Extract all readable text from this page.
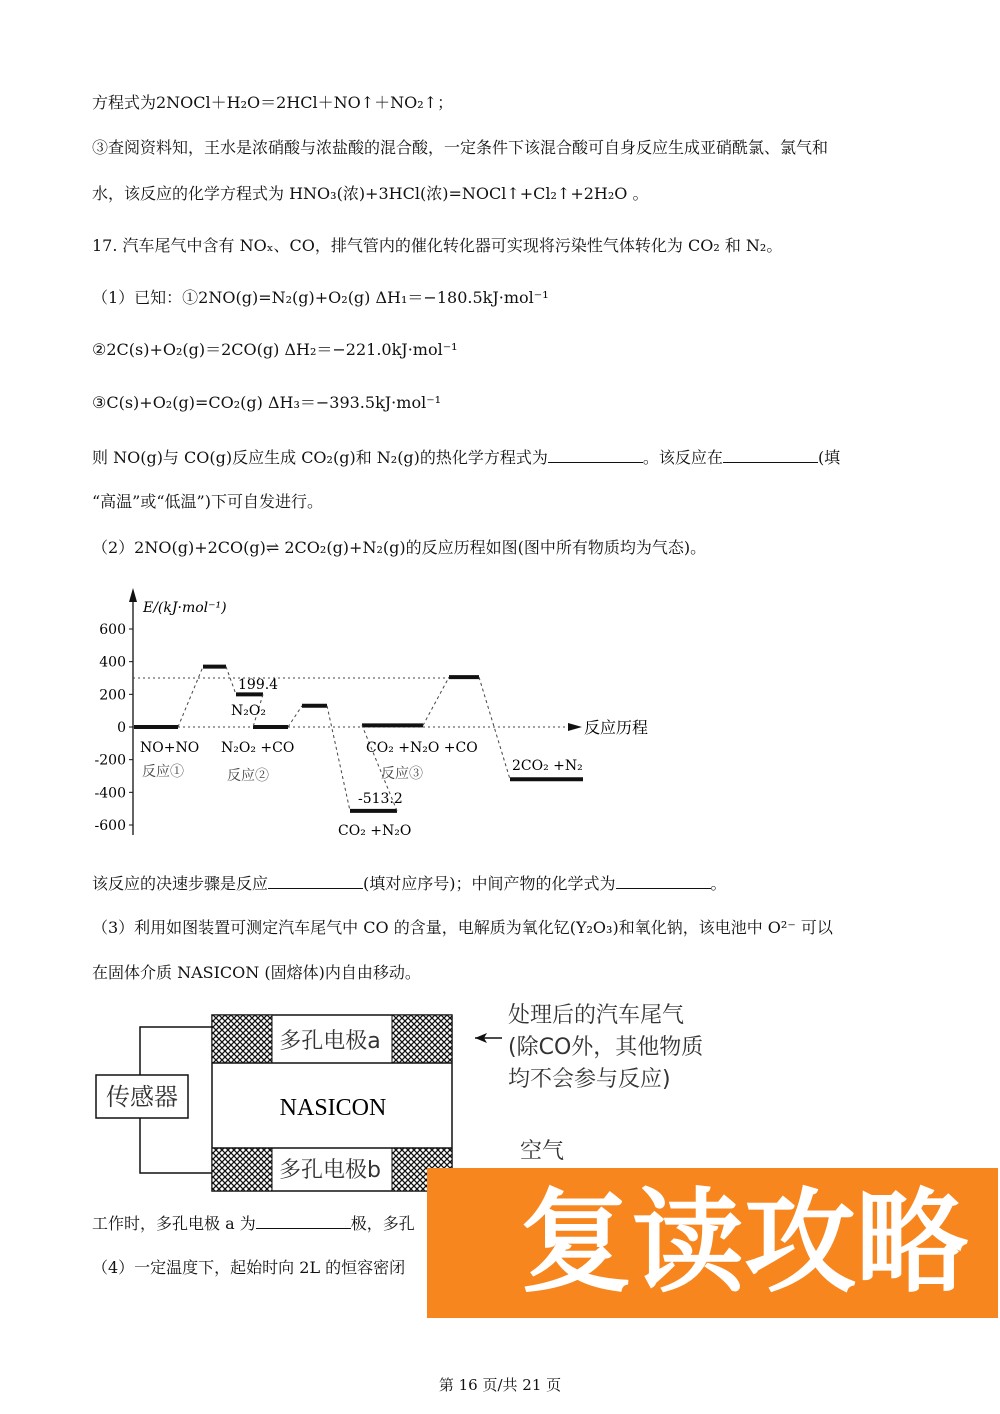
方程式为2NOCl＋H₂O＝2HCl＋NO↑＋NO₂↑；
③查阅资料知，王水是浓硝酸与浓盐酸的混合酸，一定条件下该混合酸可自身反应生成亚硝酰氯、氯气和
水，该反应的化学方程式为 HNO₃(浓)+3HCl(浓)=NOCl↑+Cl₂↑+2H₂O 。
17. 汽车尾气中含有 NOₓ、CO，排气管内的催化转化器可实现将污染性气体转化为 CO₂ 和 N₂。
（1）已知：①2NO(g)=N₂(g)+O₂(g) ΔH₁＝−180.5kJ·mol⁻¹
②2C(s)+O₂(g)＝2CO(g) ΔH₂＝−221.0kJ·mol⁻¹
③C(s)+O₂(g)=CO₂(g) ΔH₃＝−393.5kJ·mol⁻¹
则 NO(g)与 CO(g)反应生成 CO₂(g)和 N₂(g)的热化学方程式为	。该反应在	(填
“高温”或“低温”)下可自发进行。
（2）2NO(g)+2CO(g)⇌ 2CO₂(g)+N₂(g)的反应历程如图(图中所有物质均为气态)。
E/(kJ·mol⁻¹)
600
400
200
0
-200
-400
-600
反应历程
NO+NO
反应①
N₂O₂
199.4
N₂O₂ +CO
反应②
CO₂ +N₂O +CO
反应③
-513.2
CO₂ +N₂O
2CO₂ +N₂
该反应的决速步骤是反应	(填对应序号)；中间产物的化学式为	。
（3）利用如图装置可测定汽车尾气中 CO 的含量，电解质为氧化钇(Y₂O₃)和氧化钠，该电池中 O²⁻ 可以
在固体介质 NASICON (固熔体)内自由移动。
多孔电极a
多孔电极b
NASICON
传感器
处理后的汽车尾气
(除CO外，其他物质
均不会参与反应)
空气
工作时，多孔电极 a 为	极，多孔
（4）一定温度下，起始时向 2L 的恒容密闭 复读攻略
第 16 页/共 21 页
